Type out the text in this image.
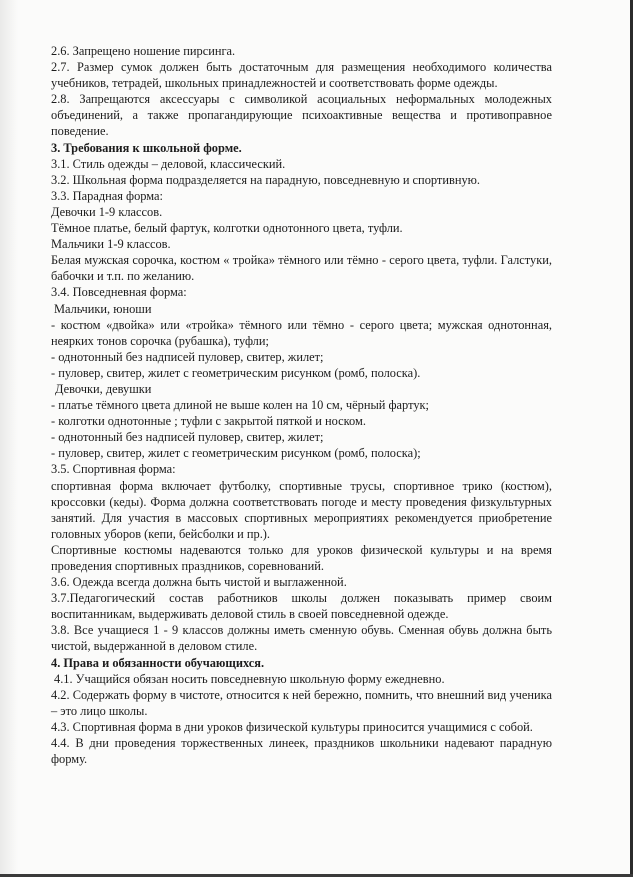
2.6. Запрещено ношение пирсинга.

2.7. Размер сумок должен быть достаточным для размещения необходимого количества учебников, тетрадей, школьных принадлежностей и соответствовать форме одежды.

2.8. Запрещаются аксессуары с символикой асоциальных неформальных молодежных объединений, а также пропагандирующие психоактивные вещества и противоправное поведение.

3. Требования к школьной форме.

3.1. Стиль одежды – деловой, классический.

3.2. Школьная форма подразделяется на парадную, повседневную и спортивную.

3.3. Парадная форма:

Девочки 1-9 классов.

Тёмное платье, белый фартук, колготки однотонного цвета, туфли.

Мальчики 1-9 классов.

Белая мужская сорочка, костюм « тройка» тёмного или тёмно - серого цвета, туфли. Галстуки, бабочки и т.п. по желанию.

3.4. Повседневная форма:

Мальчики, юноши

- костюм «двойка» или «тройка» тёмного или тёмно - серого цвета; мужская однотонная, неярких тонов сорочка (рубашка), туфли;

- однотонный без надписей пуловер, свитер, жилет;

- пуловер, свитер, жилет с геометрическим рисунком (ромб, полоска).

Девочки, девушки

- платье тёмного цвета длиной не выше колен на 10 см, чёрный фартук;

- колготки однотонные ; туфли с закрытой пяткой и носком.

- однотонный без надписей пуловер, свитер, жилет;

- пуловер, свитер, жилет с геометрическим рисунком (ромб, полоска);

3.5. Спортивная форма:

спортивная форма включает футболку, спортивные трусы, спортивное трико (костюм), кроссовки (кеды). Форма должна соответствовать погоде и месту проведения физкультурных занятий. Для участия в массовых спортивных мероприятиях рекомендуется приобретение головных уборов (кепи, бейсболки и пр.).

Спортивные костюмы надеваются только для уроков физической культуры и на время проведения спортивных праздников, соревнований.

3.6. Одежда всегда должна быть чистой и выглаженной.

3.7.Педагогический состав работников школы должен показывать пример своим воспитанникам, выдерживать деловой стиль в своей повседневной одежде.

3.8. Все учащиеся 1 - 9 классов должны иметь сменную обувь. Сменная обувь должна быть чистой, выдержанной в деловом стиле.

4. Права и обязанности обучающихся.

4.1. Учащийся обязан носить повседневную школьную форму ежедневно.

4.2. Содержать форму в чистоте, относится к ней бережно, помнить, что внешний вид ученика – это лицо школы.

4.3. Спортивная форма в дни уроков физической культуры приносится учащимися с собой.

4.4. В дни проведения торжественных линеек, праздников школьники надевают парадную форму.
